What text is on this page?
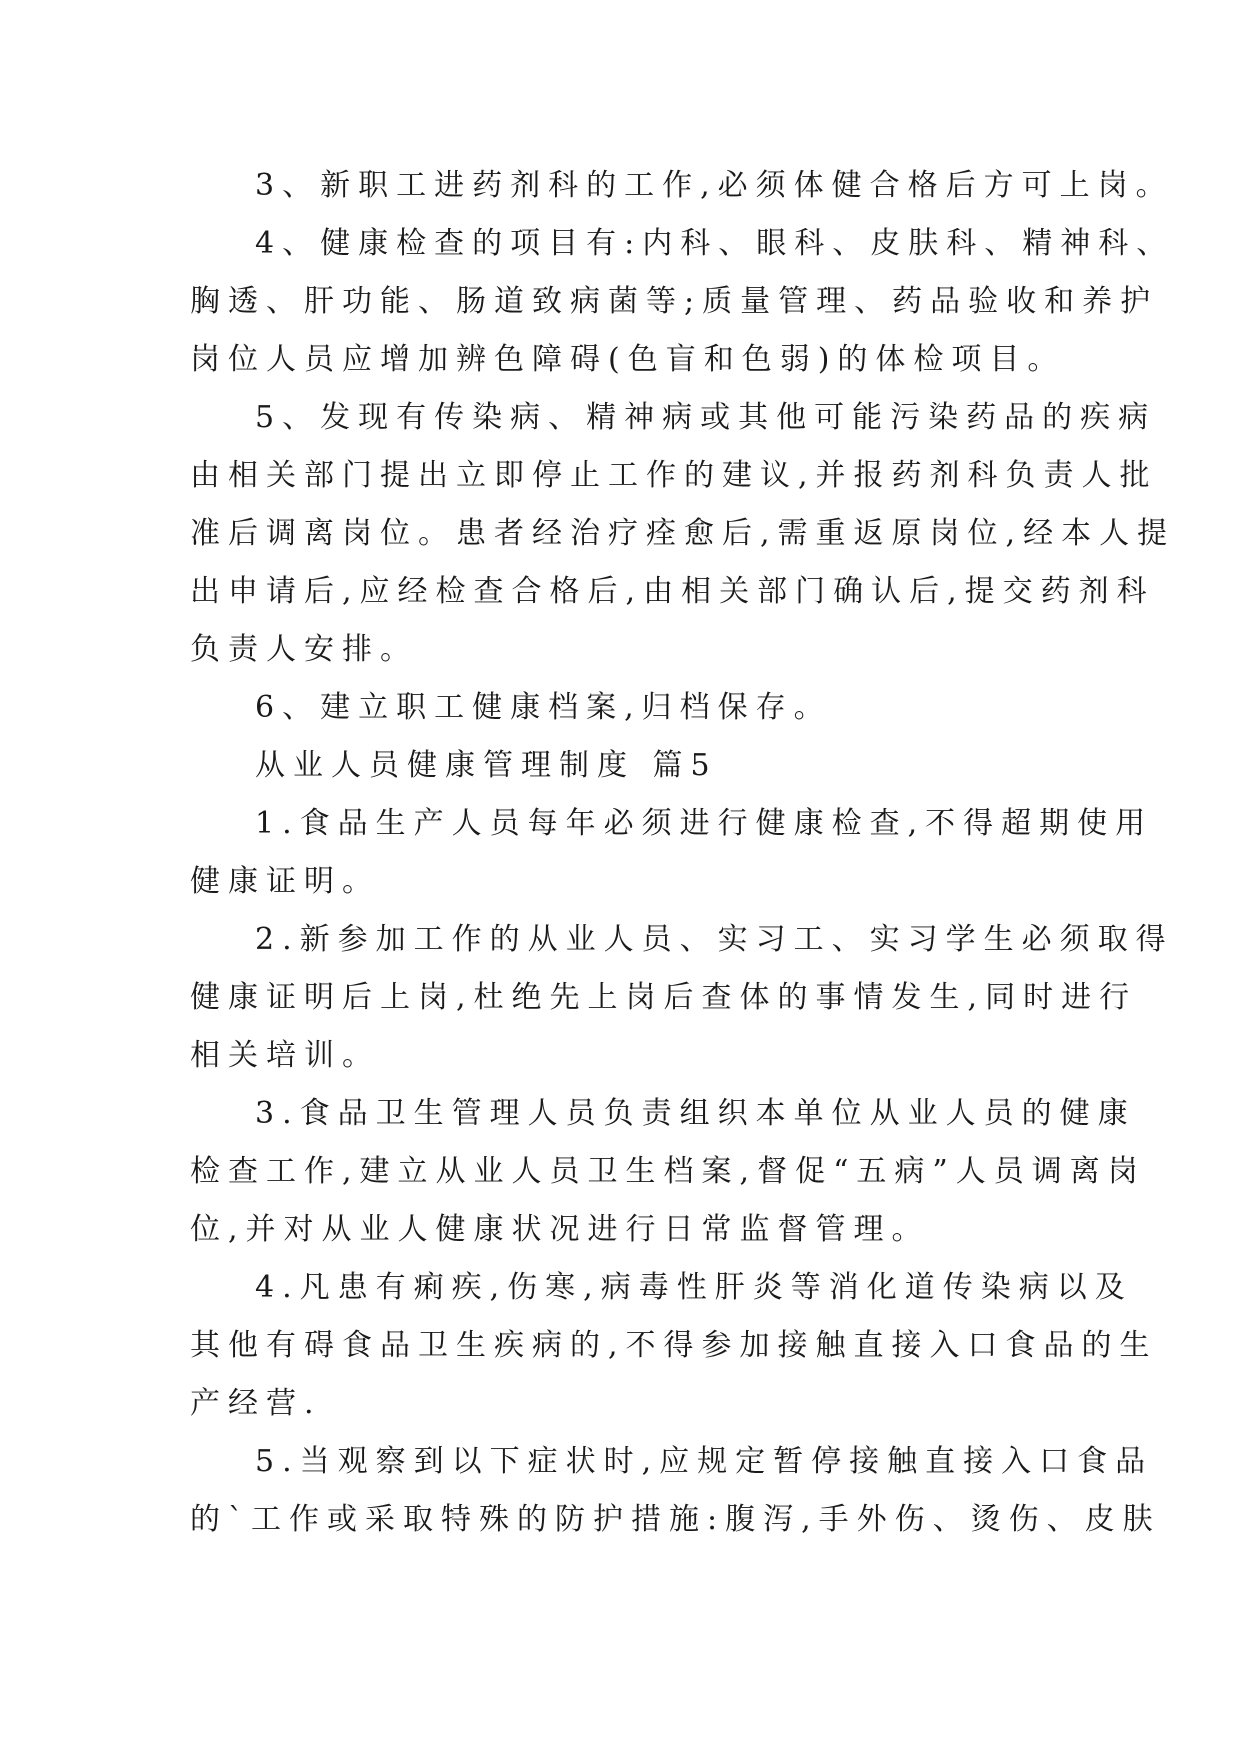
3、新职工进药剂科的工作,必须体健合格后方可上岗。
4、健康检查的项目有:内科、眼科、皮肤科、精神科、
胸透、肝功能、肠道致病菌等;质量管理、药品验收和养护
岗位人员应增加辨色障碍(色盲和色弱)的体检项目。
5、发现有传染病、精神病或其他可能污染药品的疾病
由相关部门提出立即停止工作的建议,并报药剂科负责人批
准后调离岗位。患者经治疗痊愈后,需重返原岗位,经本人提
出申请后,应经检查合格后,由相关部门确认后,提交药剂科
负责人安排。
6、建立职工健康档案,归档保存。
从业人员健康管理制度 篇5
1.食品生产人员每年必须进行健康检查,不得超期使用
健康证明。
2.新参加工作的从业人员、实习工、实习学生必须取得
健康证明后上岗,杜绝先上岗后查体的事情发生,同时进行
相关培训。
3.食品卫生管理人员负责组织本单位从业人员的健康
检查工作,建立从业人员卫生档案,督促“五病”人员调离岗
位,并对从业人健康状况进行日常监督管理。
4.凡患有痢疾,伤寒,病毒性肝炎等消化道传染病以及
其他有碍食品卫生疾病的,不得参加接触直接入口食品的生
产经营.
5.当观察到以下症状时,应规定暂停接触直接入口食品
的`工作或采取特殊的防护措施:腹泻,手外伤、烫伤、皮肤
